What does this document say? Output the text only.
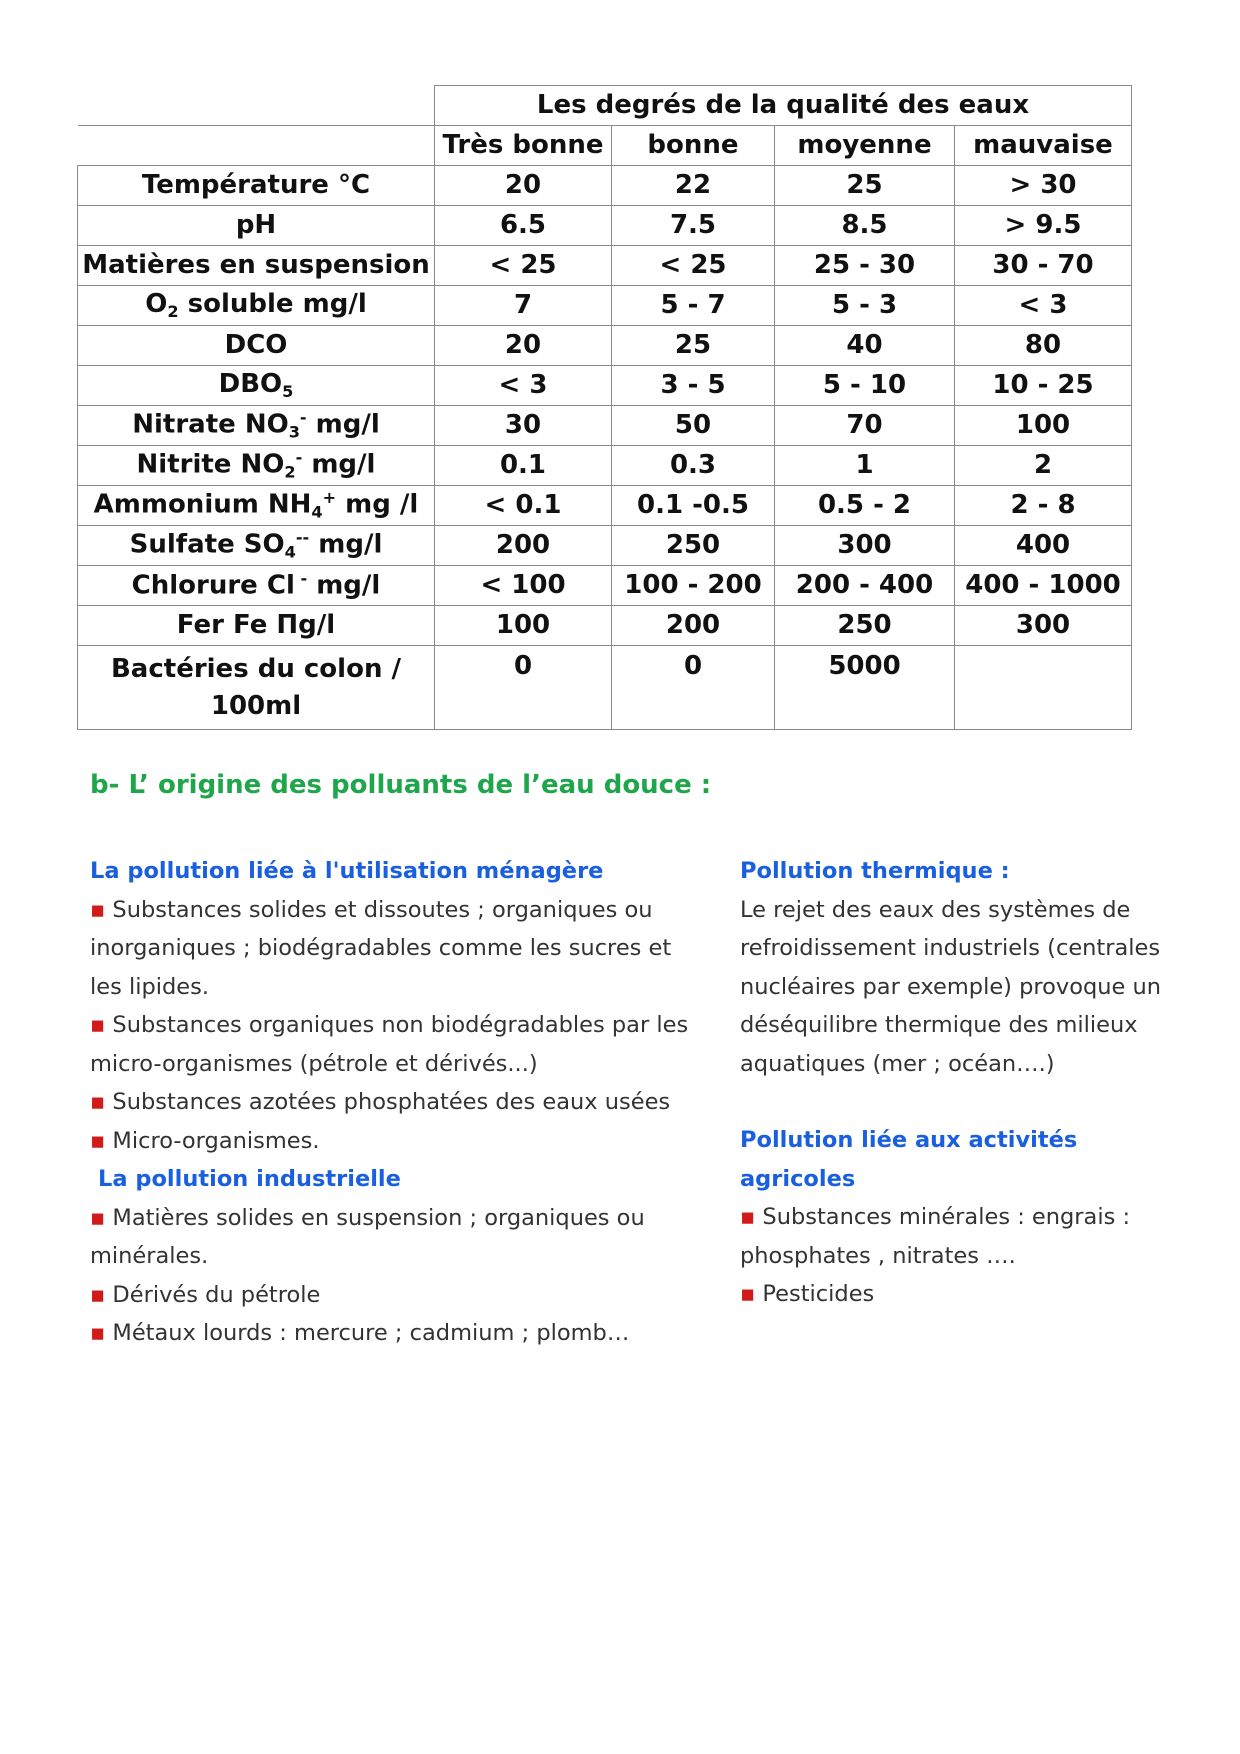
	Les degrés de la qualité des eaux			
	Très bonne	bonne	moyenne	mauvaise
Température °C	20	22	25	> 30
pH	6.5	7.5	8.5	> 9.5
Matières en suspension	< 25	< 25	25 - 30	30 - 70
$O_2$ soluble mg/l	7	5 - 7	5 - 3	< 3
DCO	20	25	40	80
$DBO_5$	< 3	3 - 5	5 - 10	10 - 25
Nitrate $NO_3^-$ mg/l	30	50	70	100
Nitrite $NO_2^-$ mg/l	0.1	0.3	1	2
Ammonium $NH_4^+$ mg /l	< 0.1	0.1 -0.5	0.5 - 2	2 - 8
Sulfate $SO_4^{--}$ mg/l	200	250	300	400
Chlorure Cl - mg/l	< 100	100 - 200	200 - 400	400 - 1000
Fer Fe Пg/l	100	200	250	300
Bactéries du colon / 100ml	0	0	5000	
b- L’ origine des polluants de l’eau douce :
La pollution liée à l'utilisation ménagère

▪ Substances solides et dissoutes ; organiques ou inorganiques ; biodégradables comme les sucres et les lipides.

▪ Substances organiques non biodégradables par les micro-organismes (pétrole et dérivés...)

▪ Substances azotées phosphatées des eaux usées

▪ Micro-organismes.

La pollution industrielle

▪ Matières solides en suspension ; organiques ou minérales.

▪ Dérivés du pétrole

▪ Métaux lourds : mercure ; cadmium ; plomb…

Pollution thermique :

Le rejet des eaux des systèmes de refroidissement industriels (centrales nucléaires par exemple) provoque un déséquilibre thermique des milieux aquatiques (mer ; océan….)

Pollution liée aux activités agricoles

▪ Substances minérales : engrais : phosphates , nitrates ….

▪ Pesticides
